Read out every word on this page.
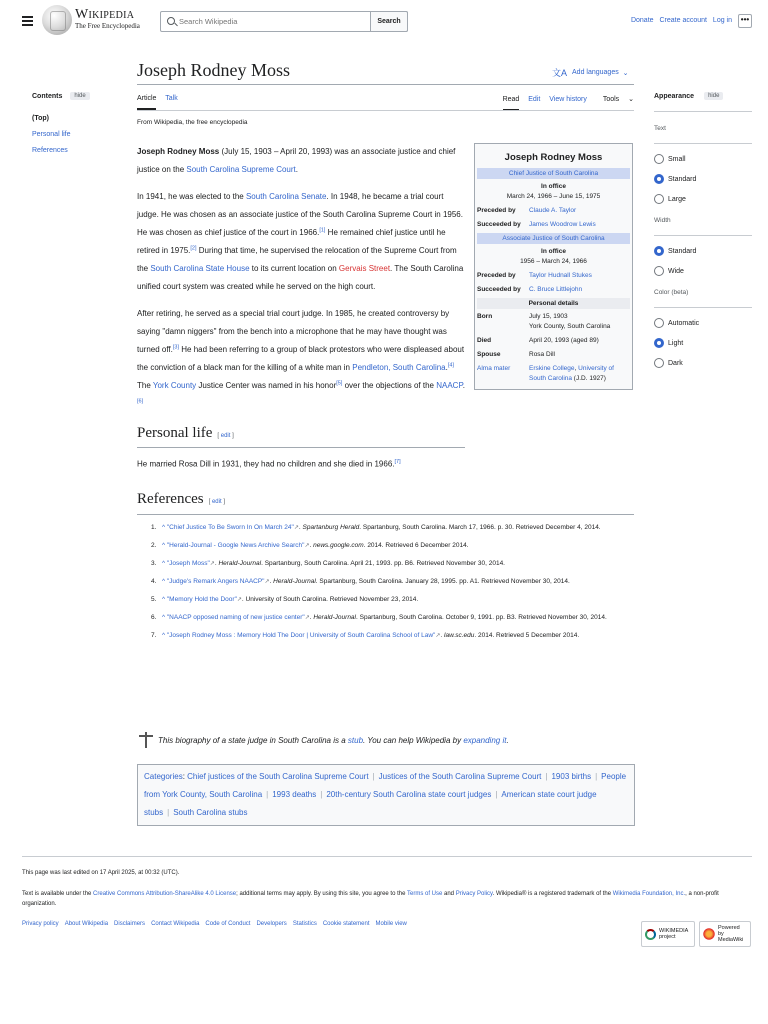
Wikipedia
The Free Encyclopedia
Search Wikipedia
Search	Donate Create account Log in	•••
Contents	hide
(Top)
Personal life
References
Joseph Rodney Moss	文A Add languages ⌄
Article Talk	Read Edit View history Tools ⌄
From Wikipedia, the free encyclopedia

Joseph Rodney Moss (July 15, 1903 – April 20, 1993) was an associate justice and chief justice on the South Carolina Supreme Court.

In 1941, he was elected to the South Carolina Senate. In 1948, he became a trial court judge. He was chosen as an associate justice of the South Carolina Supreme Court in 1956. He was chosen as chief justice of the court in 1966.[1] He remained chief justice until he retired in 1975.[2] During that time, he supervised the relocation of the Supreme Court from the South Carolina State House to its current location on Gervais Street. The South Carolina unified court system was created while he served on the high court.

After retiring, he served as a special trial court judge. In 1985, he created controversy by saying "damn niggers" from the bench into a microphone that he may have thought was turned off.[3] He had been referring to a group of black protestors who were displeased about the conviction of a black man for the killing of a white man in Pendleton, South Carolina.[4] The York County Justice Center was named in his honor[5] over the objections of the NAACP.[6]

Personal life [ edit ]
He married Rosa Dill in 1931, they had no children and she died in 1966.[7]
References [ edit ]
1. ^ "Chief Justice To Be Sworn In On March 24"↗. Spartanburg Herald. Spartanburg, South Carolina. March 17, 1966. p. 30. Retrieved December 4, 2014.
2. ^ "Herald-Journal - Google News Archive Search"↗. news.google.com. 2014. Retrieved 6 December 2014.
3. ^ "Joseph Moss"↗. Herald-Journal. Spartanburg, South Carolina. April 21, 1993. pp. B6. Retrieved November 30, 2014.
4. ^ "Judge's Remark Angers NAACP"↗. Herald-Journal. Spartanburg, South Carolina. January 28, 1995. pp. A1. Retrieved November 30, 2014.
5. ^ "Memory Hold the Door"↗. University of South Carolina. Retrieved November 23, 2014.
6. ^ "NAACP opposed naming of new justice center"↗. Herald-Journal. Spartanburg, South Carolina. October 9, 1991. pp. B3. Retrieved November 30, 2014.
7. ^ "Joseph Rodney Moss : Memory Hold The Door | University of South Carolina School of Law"↗. law.sc.edu. 2014. Retrieved 5 December 2014.
Joseph Rodney Moss
Chief Justice of South Carolina
In office
March 24, 1966 – June 15, 1975
Preceded by	Claude A. Taylor
Succeeded by	James Woodrow Lewis
Associate Justice of South Carolina
In office
1956 – March 24, 1966
Preceded by	Taylor Hudnall Stukes
Succeeded by	C. Bruce Littlejohn
Personal details
Born	July 15, 1903
York County, South Carolina
Died	April 20, 1993 (aged 89)
Spouse	Rosa Dill
Alma mater	Erskine College, University of South Carolina (J.D. 1927)
This biography of a state judge in South Carolina is a stub. You can help Wikipedia by expanding it.
Categories: Chief justices of the South Carolina Supreme Court | Justices of the South Carolina Supreme Court | 1903 births | People from York County, South Carolina | 1993 deaths | 20th-century South Carolina state court judges | American state court judge stubs | South Carolina stubs
This page was last edited on 17 April 2025, at 00:32 (UTC).
Text is available under the Creative Commons Attribution-ShareAlike 4.0 License; additional terms may apply. By using this site, you agree to the Terms of Use and Privacy Policy. Wikipedia® is a registered trademark of the Wikimedia Foundation, Inc., a non-profit organization.
Privacy policy About Wikipedia Disclaimers Contact Wikipedia Code of Conduct Developers Statistics Cookie statement Mobile view
WIKIMEDIA project
Powered by MediaWiki
Appearance	hide
Text
Small
Standard
Large
Width
Standard
Wide
Color (beta)
Automatic
Light
Dark
